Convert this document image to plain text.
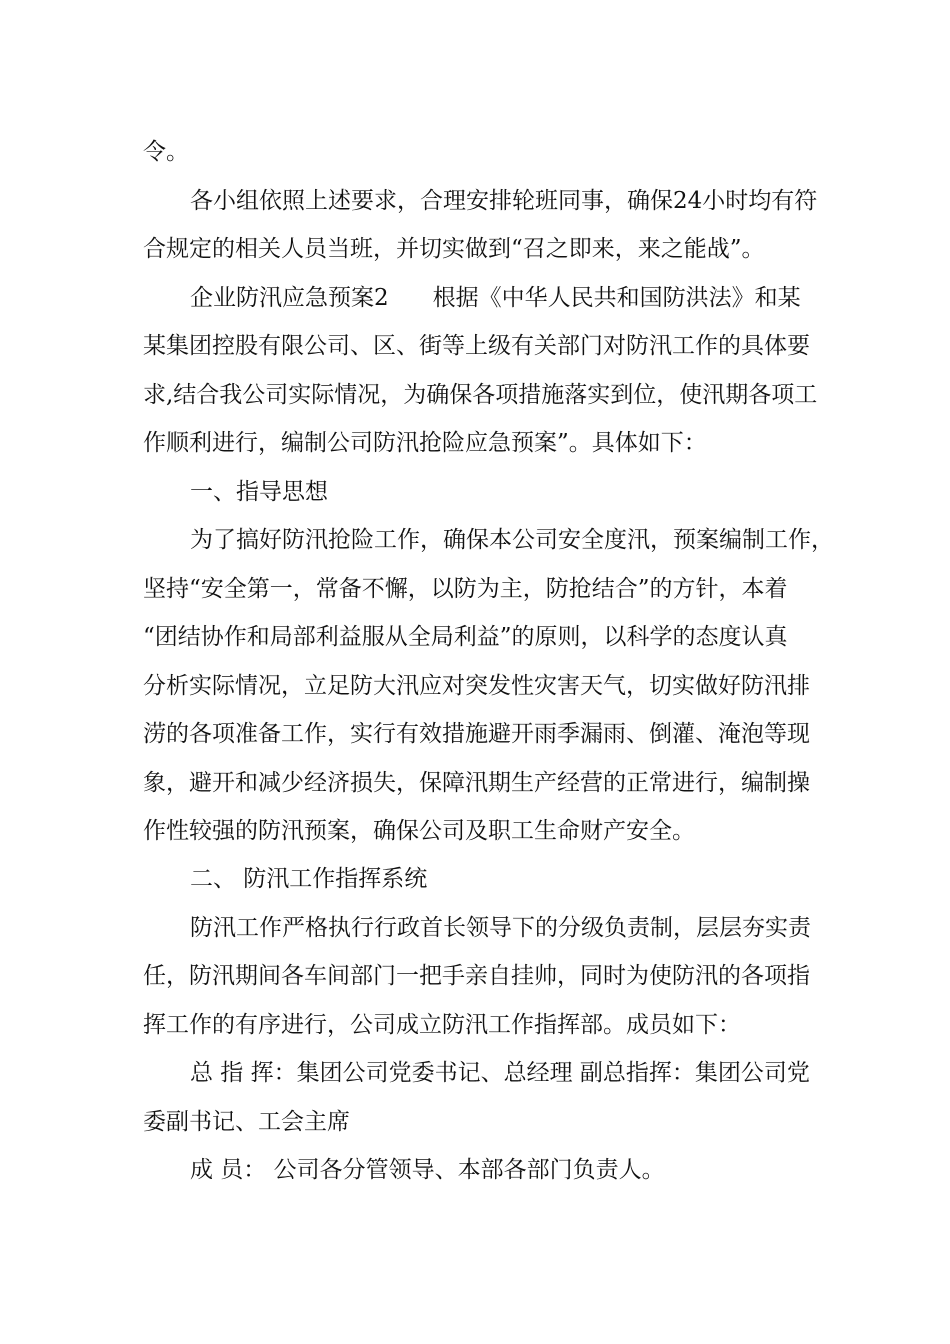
令。
各小组依照上述要求，合理安排轮班同事，确保24小时均有符
合规定的相关人员当班，并切实做到“召之即来，来之能战”。
企业防汛应急预案2 根据《中华人民共和国防洪法》和某
某集团控股有限公司、区、街等上级有关部门对防汛工作的具体要
求,结合我公司实际情况，为确保各项措施落实到位，使汛期各项工
作顺利进行，编制公司防汛抢险应急预案”。具体如下：
一、指导思想
为了搞好防汛抢险工作，确保本公司安全度汛，预案编制工作，
坚持“安全第一，常备不懈，以防为主，防抢结合”的方针，本着
“团结协作和局部利益服从全局利益”的原则，以科学的态度认真
分析实际情况，立足防大汛应对突发性灾害天气，切实做好防汛排
涝的各项准备工作，实行有效措施避开雨季漏雨、倒灌、淹泡等现
象，避开和减少经济损失，保障汛期生产经营的正常进行，编制操
作性较强的防汛预案，确保公司及职工生命财产安全。
二、 防汛工作指挥系统
防汛工作严格执行行政首长领导下的分级负责制，层层夯实责
任，防汛期间各车间部门一把手亲自挂帅，同时为使防汛的各项指
挥工作的有序进行，公司成立防汛工作指挥部。成员如下：
总 指 挥：集团公司党委书记、总经理 副总指挥：集团公司党
委副书记、工会主席
成 员： 公司各分管领导、本部各部门负责人。
